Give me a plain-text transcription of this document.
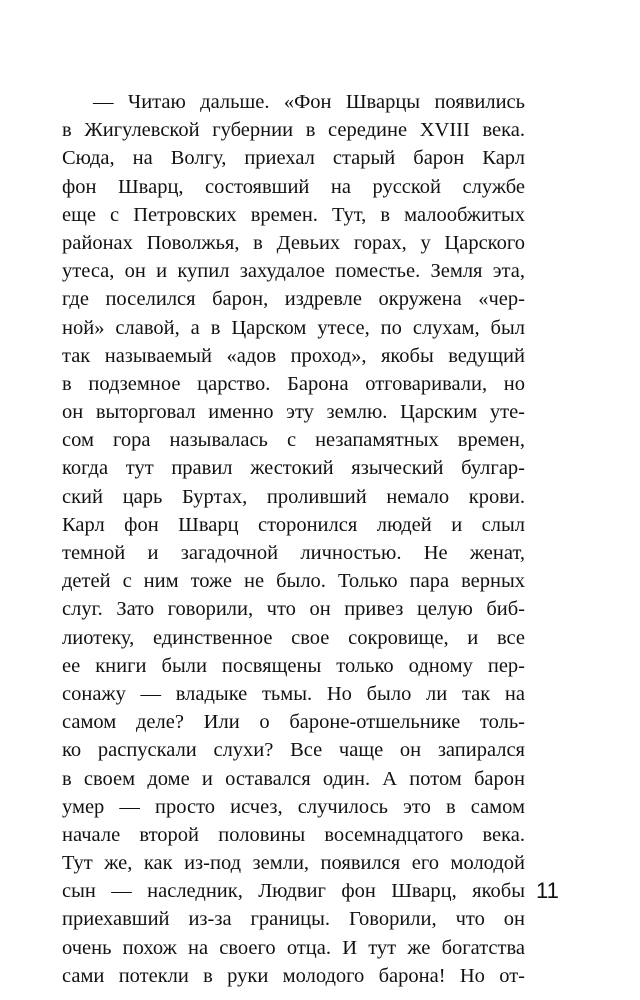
— Читаю дальше. «Фон Шварцы появились
в Жигулевской губернии в середине XVIII века.
Сюда, на Волгу, приехал старый барон Карл
фон Шварц, состоявший на русской службе
еще с Петровских времен. Тут, в малообжитых
районах Поволжья, в Девьих горах, у Царского
утеса, он и купил захудалое поместье. Земля эта,
где поселился барон, издревле окружена «чер-
ной» славой, а в Царском утесе, по слухам, был
так называемый «адов проход», якобы ведущий
в подземное царство. Барона отговаривали, но
он выторговал именно эту землю. Царским уте-
сом гора называлась с незапамятных времен,
когда тут правил жестокий языческий булгар-
ский царь Буртах, проливший немало крови.
Карл фон Шварц сторонился людей и слыл
темной и загадочной личностью. Не женат,
детей с ним тоже не было. Только пара верных
слуг. Зато говорили, что он привез целую биб-
лиотеку, единственное свое сокровище, и все
ее книги были посвящены только одному пер-
сонажу — владыке тьмы. Но было ли так на
самом деле? Или о бароне-отшельнике толь-
ко распускали слухи? Все чаще он запирался
в своем доме и оставался один. А потом барон
умер — просто исчез, случилось это в самом
начале второй половины восемнадцатого века.
Тут же, как из-под земли, появился его молодой
сын — наследник, Людвиг фон Шварц, якобы
приехавший из-за границы. Говорили, что он
очень похож на своего отца. И тут же богатства
сами потекли в руки молодого барона! Но от-
11
